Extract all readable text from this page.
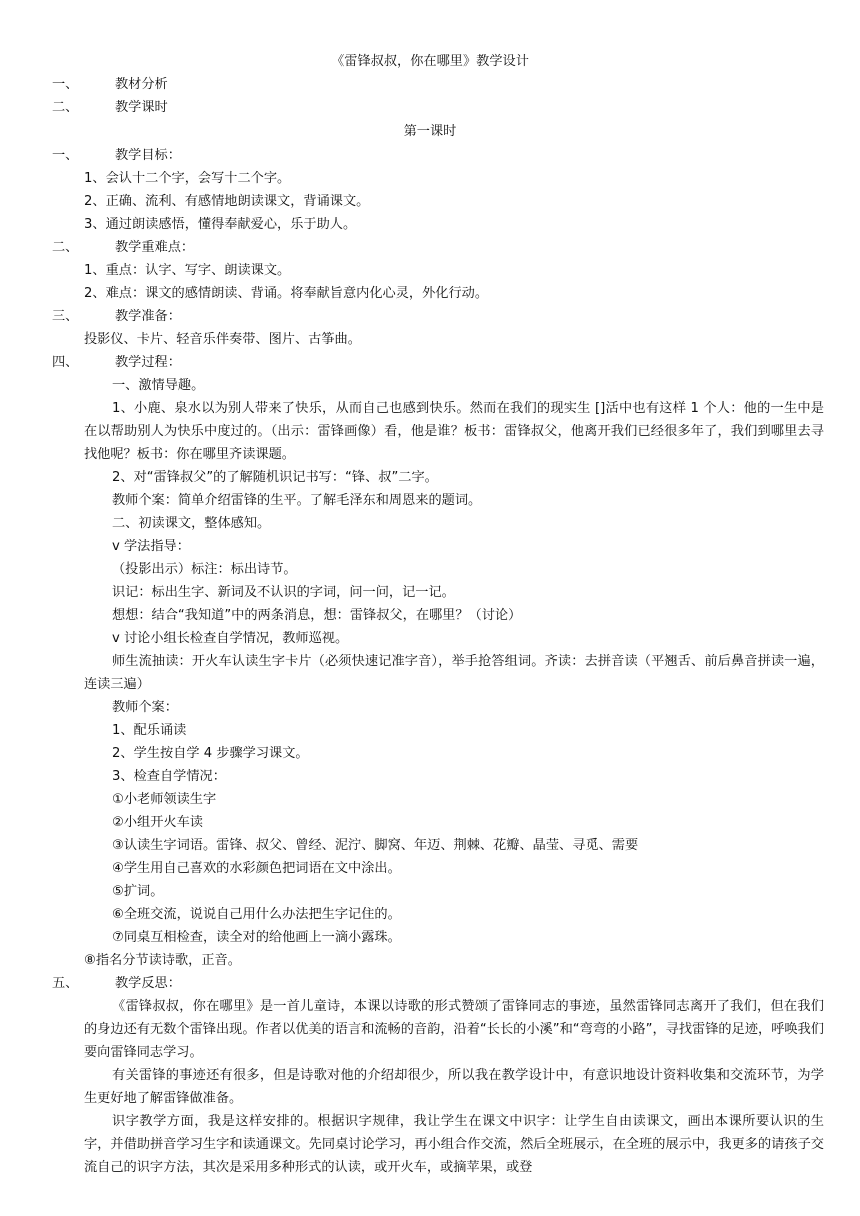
《雷锋叔叔，你在哪里》教学设计
一、	教材分析
二、	教学课时
第一课时
一、	教学目标：
1、会认十二个字，会写十二个字。
2、正确、流利、有感情地朗读课文，背诵课文。
3、通过朗读感悟，懂得奉献爱心，乐于助人。
二、	教学重难点：
1、重点：认字、写字、朗读课文。
2、难点：课文的感情朗读、背诵。将奉献旨意内化心灵，外化行动。
三、	教学准备：
投影仪、卡片、轻音乐伴奏带、图片、古筝曲。
四、	教学过程：
一、激情导趣。
1、小鹿、泉水以为别人带来了快乐，从而自己也感到快乐。然而在我们的现实生 []活中也有这样 1 个人：他的一生中是在以帮助别人为快乐中度过的。（出示：雷锋画像）看，他是谁？板书：雷锋叔父，他离开我们已经很多年了，我们到哪里去寻找他呢？板书：你在哪里齐读课题。
2、对“雷锋叔父”的了解随机识记书写：“锋、叔”二字。
教师个案：简单介绍雷锋的生平。了解毛泽东和周恩来的题词。
二、初读课文，整体感知。
v 学法指导：
（投影出示）标注：标出诗节。
识记：标出生字、新词及不认识的字词，问一问，记一记。
想想：结合“我知道”中的两条消息，想：雷锋叔父，在哪里？（讨论）
v 讨论小组长检查自学情况，教师巡视。
师生流抽读：开火车认读生字卡片（必须快速记准字音），举手抢答组词。齐读：去拼音读（平翘舌、前后鼻音拼读一遍，连读三遍）
教师个案：
1、配乐诵读
2、学生按自学 4 步骤学习课文。
3、检查自学情况：
①小老师领读生字
②小组开火车读
③认读生字词语。雷锋、叔父、曾经、泥泞、脚窝、年迈、荆棘、花瓣、晶莹、寻觅、需要
④学生用自己喜欢的水彩颜色把词语在文中涂出。
⑤扩词。
⑥全班交流，说说自己用什么办法把生字记住的。
⑦同桌互相检查，读全对的给他画上一滴小露珠。
⑧指名分节读诗歌，正音。
五、	教学反思：
《雷锋叔叔，你在哪里》是一首儿童诗，本课以诗歌的形式赞颂了雷锋同志的事迹，虽然雷锋同志离开了我们，但在我们的身边还有无数个雷锋出现。作者以优美的语言和流畅的音韵，沿着“长长的小溪”和“弯弯的小路”，寻找雷锋的足迹，呼唤我们要向雷锋同志学习。
有关雷锋的事迹还有很多，但是诗歌对他的介绍却很少，所以我在教学设计中，有意识地设计资料收集和交流环节，为学生更好地了解雷锋做准备。
识字教学方面，我是这样安排的。根据识字规律，我让学生在课文中识字：让学生自由读课文，画出本课所要认识的生字，并借助拼音学习生字和读通课文。先同桌讨论学习，再小组合作交流，然后全班展示，在全班的展示中，我更多的请孩子交流自己的识字方法，其次是采用多种形式的认读，或开火车，或摘苹果，或登
